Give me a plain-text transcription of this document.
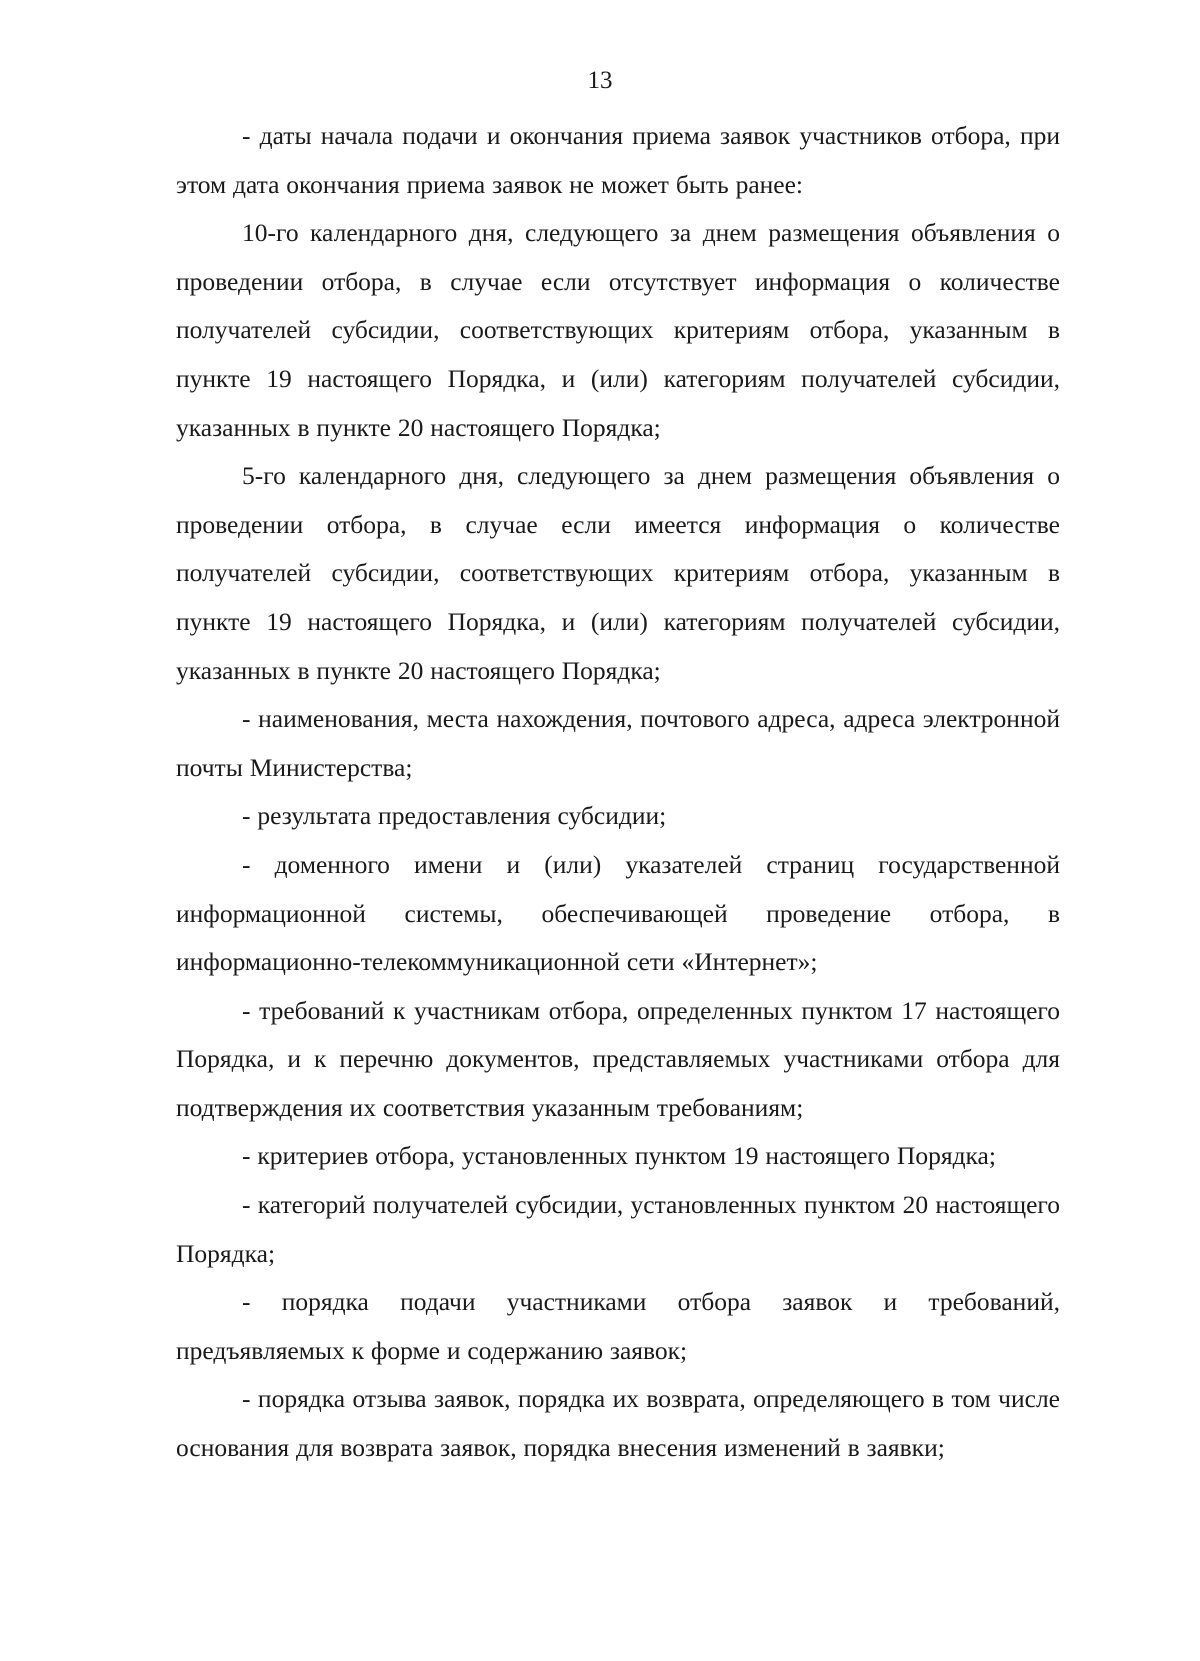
13

- даты начала подачи и окончания приема заявок участников отбора, при этом дата окончания приема заявок не может быть ранее:

10-го календарного дня, следующего за днем размещения объявления о проведении отбора, в случае если отсутствует информация о количестве получателей субсидии, соответствующих критериям отбора, указанным в пункте 19 настоящего Порядка, и (или) категориям получателей субсидии, указанных в пункте 20 настоящего Порядка;

5-го календарного дня, следующего за днем размещения объявления о проведении отбора, в случае если имеется информация о количестве получателей субсидии, соответствующих критериям отбора, указанным в пункте 19 настоящего Порядка, и (или) категориям получателей субсидии, указанных в пункте 20 настоящего Порядка;

- наименования, места нахождения, почтового адреса, адреса электронной почты Министерства;

- результата предоставления субсидии;

- доменного имени и (или) указателей страниц государственной информационной системы, обеспечивающей проведение отбора, в информационно-телекоммуникационной сети «Интернет»;

- требований к участникам отбора, определенных пунктом 17 настоящего Порядка, и к перечню документов, представляемых участниками отбора для подтверждения их соответствия указанным требованиям;

- критериев отбора, установленных пунктом 19 настоящего Порядка;

- категорий получателей субсидии, установленных пунктом 20 настоящего Порядка;

- порядка подачи участниками отбора заявок и требований, предъявляемых к форме и содержанию заявок;

- порядка отзыва заявок, порядка их возврата, определяющего в том числе основания для возврата заявок, порядка внесения изменений в заявки;
